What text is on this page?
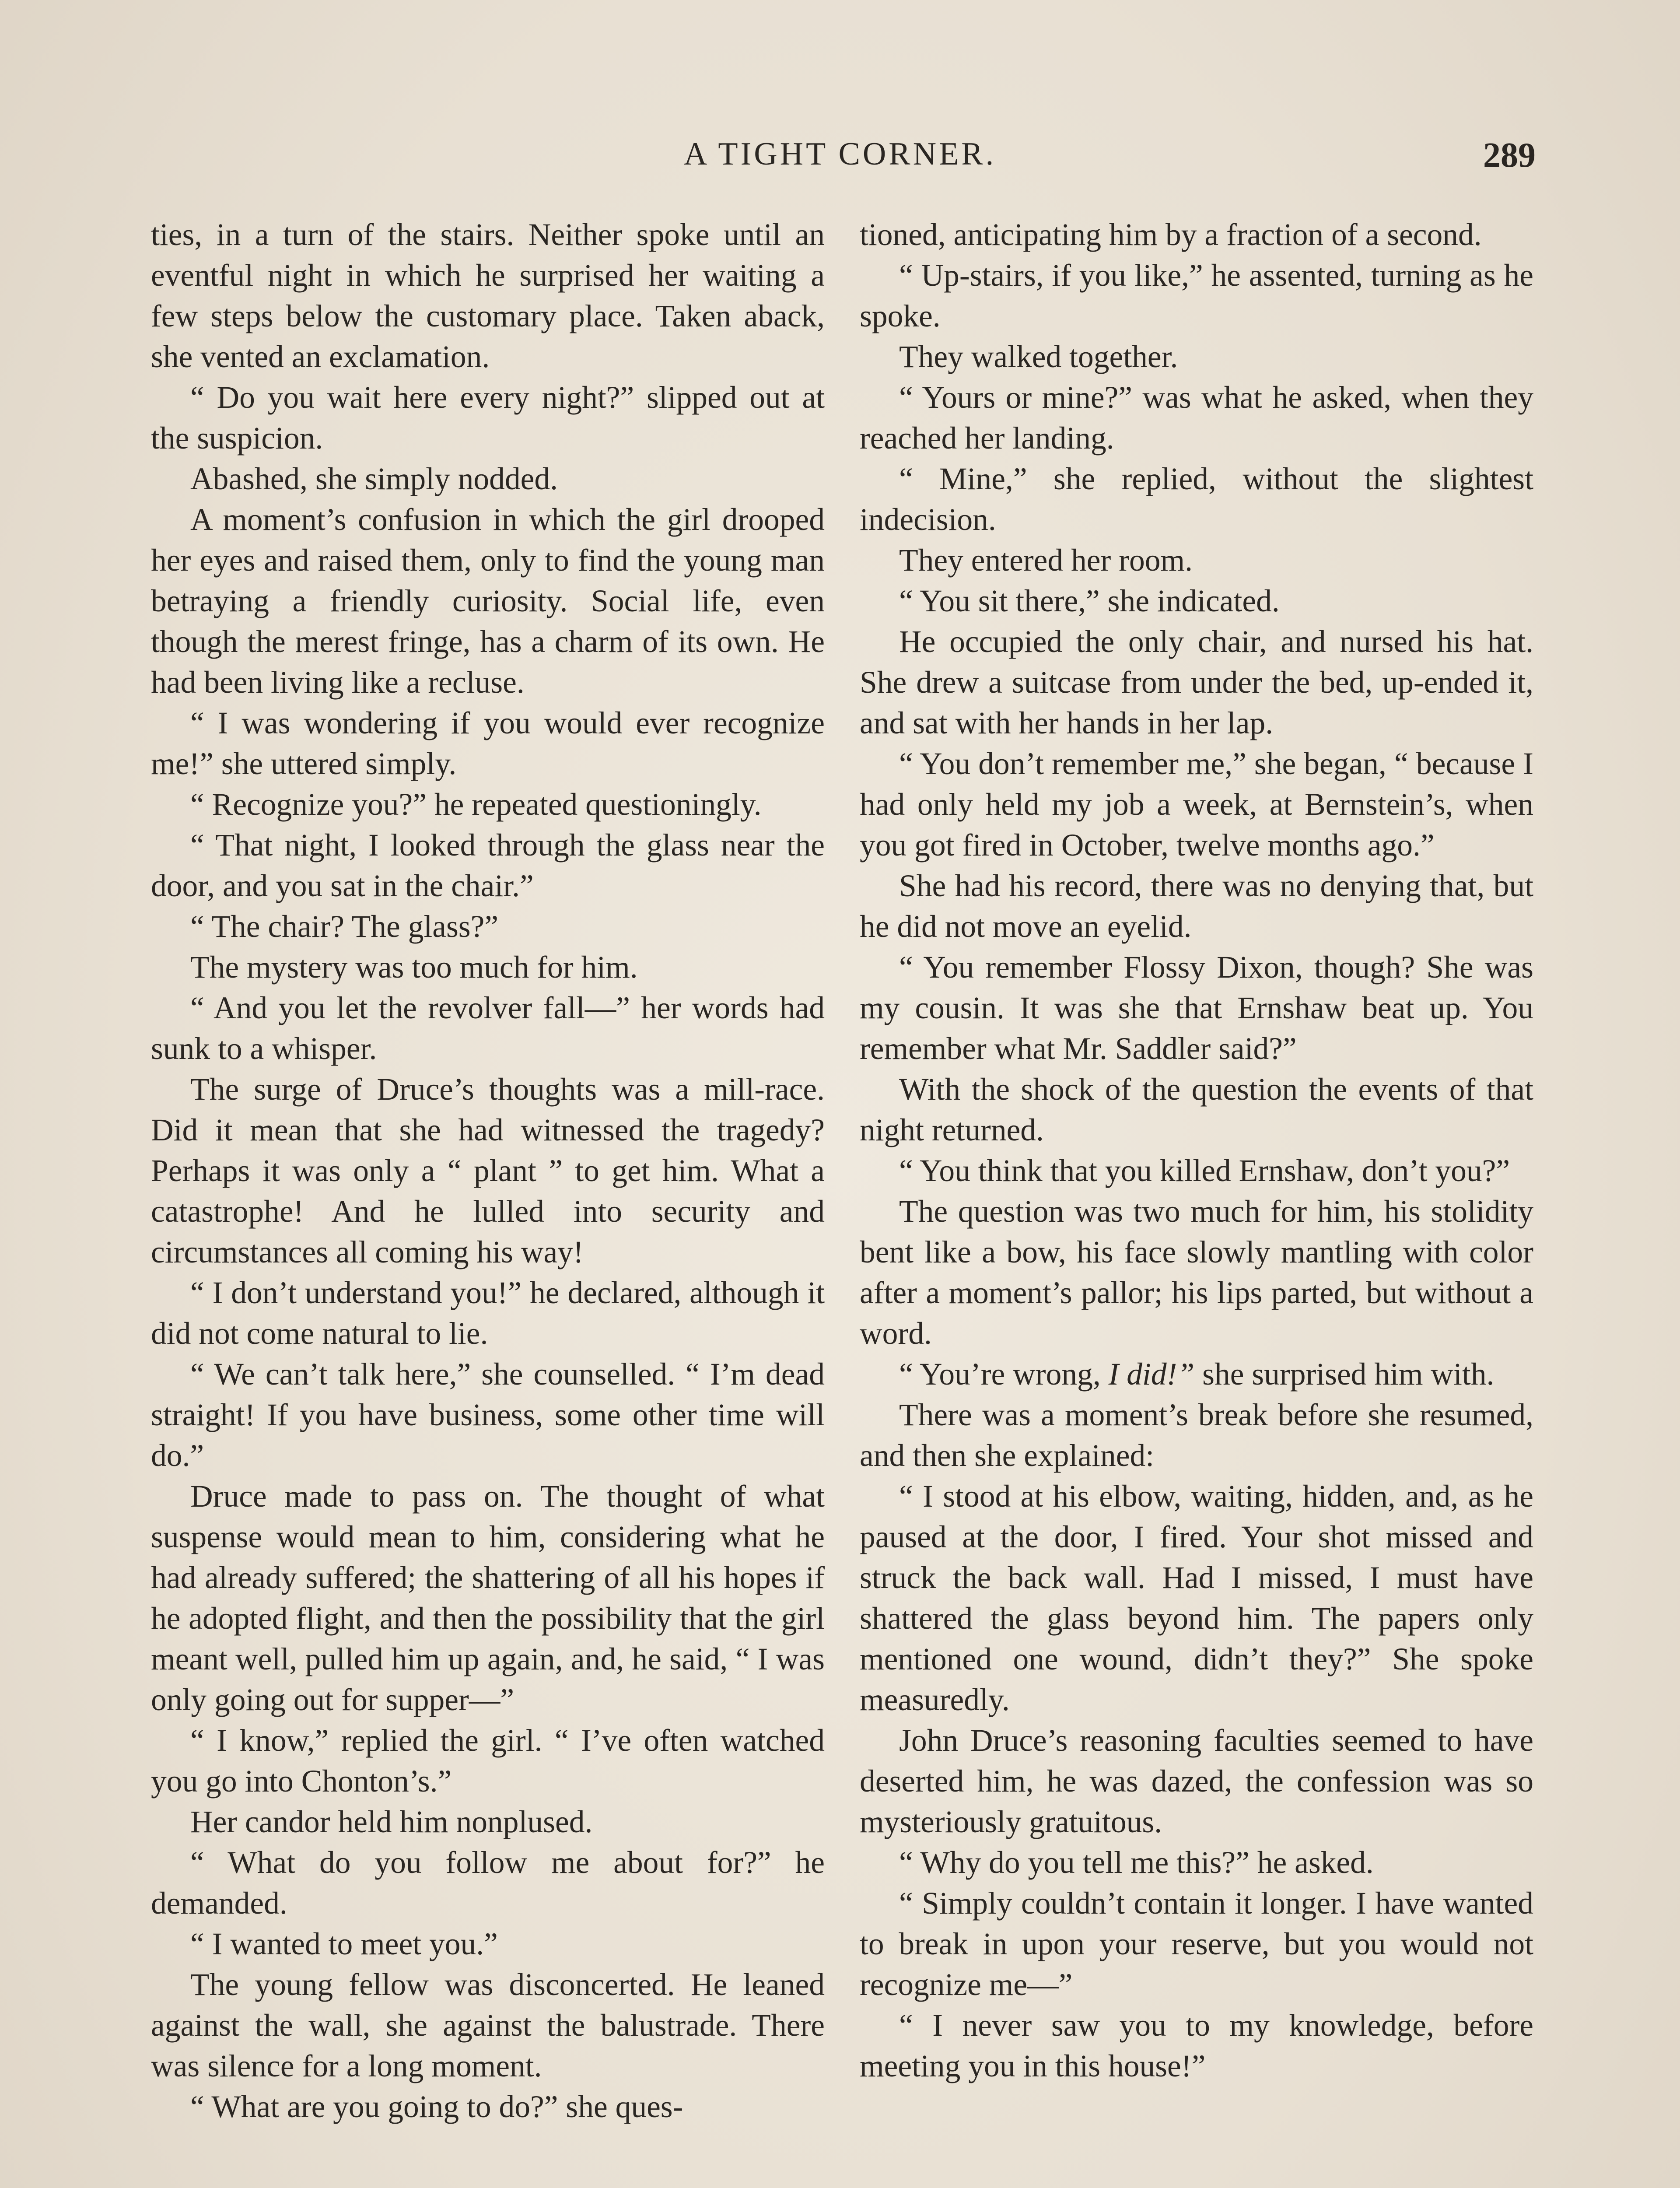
A TIGHT CORNER.	289

ties, in a turn of the stairs. Neither spoke until an eventful night in which he surprised her waiting a few steps below the customary place. Taken aback, she vented an exclamation.

“ Do you wait here every night?” slipped out at the suspicion.

Abashed, she simply nodded.

A moment’s confusion in which the girl drooped her eyes and raised them, only to find the young man betraying a friendly curiosity. Social life, even though the merest fringe, has a charm of its own. He had been living like a recluse.

“ I was wondering if you would ever recognize me!” she uttered simply.

“ Recognize you?” he repeated questioningly.

“ That night, I looked through the glass near the door, and you sat in the chair.”

“ The chair? The glass?”

The mystery was too much for him.

“ And you let the revolver fall—” her words had sunk to a whisper.

The surge of Druce’s thoughts was a mill-race. Did it mean that she had witnessed the tragedy? Perhaps it was only a “ plant ” to get him. What a catastrophe! And he lulled into security and circumstances all coming his way!

“ I don’t understand you!” he declared, although it did not come natural to lie.

“ We can’t talk here,” she counselled. “ I’m dead straight! If you have business, some other time will do.”

Druce made to pass on. The thought of what suspense would mean to him, considering what he had already suffered; the shattering of all his hopes if he adopted flight, and then the possibility that the girl meant well, pulled him up again, and, he said, “ I was only going out for supper—”

“ I know,” replied the girl. “ I’ve often watched you go into Chonton’s.”

Her candor held him nonplused.

“ What do you follow me about for?” he demanded.

“ I wanted to meet you.”

The young fellow was disconcerted. He leaned against the wall, she against the balustrade. There was silence for a long moment.

“ What are you going to do?” she ques-

tioned, anticipating him by a fraction of a second.

“ Up-stairs, if you like,” he assented, turning as he spoke.

They walked together.

“ Yours or mine?” was what he asked, when they reached her landing.

“ Mine,” she replied, without the slightest indecision.

They entered her room.

“ You sit there,” she indicated.

He occupied the only chair, and nursed his hat. She drew a suitcase from under the bed, up-ended it, and sat with her hands in her lap.

“ You don’t remember me,” she began, “ because I had only held my job a week, at Bernstein’s, when you got fired in October, twelve months ago.”

She had his record, there was no denying that, but he did not move an eyelid.

“ You remember Flossy Dixon, though? She was my cousin. It was she that Ernshaw beat up. You remember what Mr. Saddler said?”

With the shock of the question the events of that night returned.

“ You think that you killed Ernshaw, don’t you?”

The question was two much for him, his stolidity bent like a bow, his face slowly mantling with color after a moment’s pallor; his lips parted, but without a word.

“ You’re wrong, I did!” she surprised him with.

There was a moment’s break before she resumed, and then she explained:

“ I stood at his elbow, waiting, hidden, and, as he paused at the door, I fired. Your shot missed and struck the back wall. Had I missed, I must have shattered the glass beyond him. The papers only mentioned one wound, didn’t they?” She spoke measuredly.

John Druce’s reasoning faculties seemed to have deserted him, he was dazed, the confession was so mysteriously gratuitous.

“ Why do you tell me this?” he asked.

“ Simply couldn’t contain it longer. I have wanted to break in upon your reserve, but you would not recognize me—”

“ I never saw you to my knowledge, before meeting you in this house!”
